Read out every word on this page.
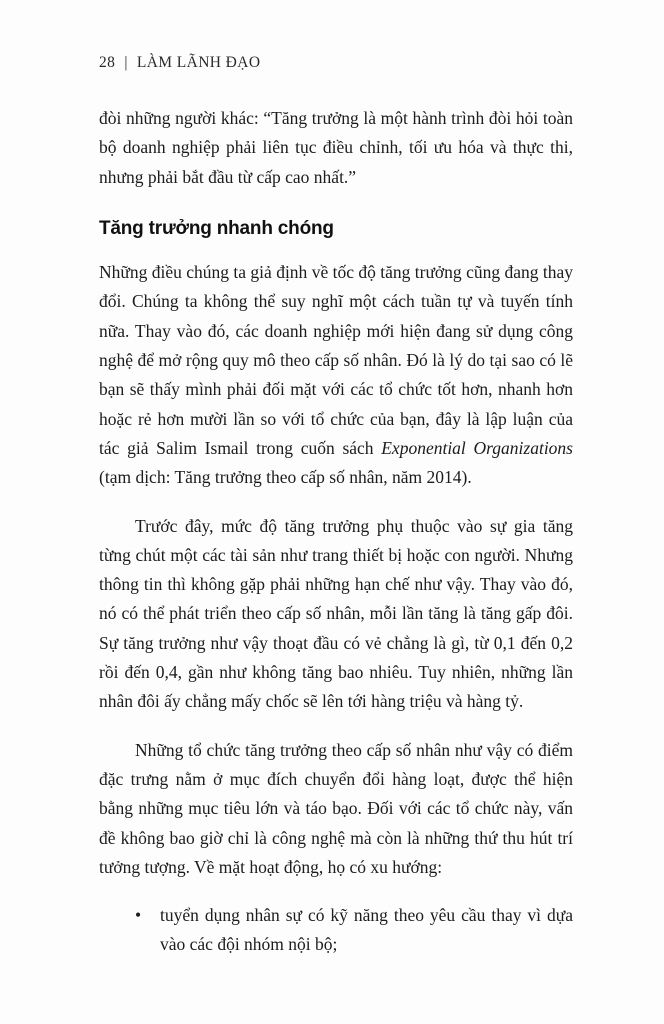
28 | LÀM LÃNH ĐẠO

đòi những người khác: “Tăng trưởng là một hành trình đòi hỏi toàn bộ doanh nghiệp phải liên tục điều chỉnh, tối ưu hóa và thực thi, nhưng phải bắt đầu từ cấp cao nhất.”

Tăng trưởng nhanh chóng

Những điều chúng ta giả định về tốc độ tăng trưởng cũng đang thay đổi. Chúng ta không thể suy nghĩ một cách tuần tự và tuyến tính nữa. Thay vào đó, các doanh nghiệp mới hiện đang sử dụng công nghệ để mở rộng quy mô theo cấp số nhân. Đó là lý do tại sao có lẽ bạn sẽ thấy mình phải đối mặt với các tổ chức tốt hơn, nhanh hơn hoặc rẻ hơn mười lần so với tổ chức của bạn, đây là lập luận của tác giả Salim Ismail trong cuốn sách Exponential Organizations (tạm dịch: Tăng trưởng theo cấp số nhân, năm 2014).

Trước đây, mức độ tăng trưởng phụ thuộc vào sự gia tăng từng chút một các tài sản như trang thiết bị hoặc con người. Nhưng thông tin thì không gặp phải những hạn chế như vậy. Thay vào đó, nó có thể phát triển theo cấp số nhân, mỗi lần tăng là tăng gấp đôi. Sự tăng trưởng như vậy thoạt đầu có vẻ chẳng là gì, từ 0,1 đến 0,2 rồi đến 0,4, gần như không tăng bao nhiêu. Tuy nhiên, những lần nhân đôi ấy chẳng mấy chốc sẽ lên tới hàng triệu và hàng tỷ.

Những tổ chức tăng trưởng theo cấp số nhân như vậy có điểm đặc trưng nằm ở mục đích chuyển đổi hàng loạt, được thể hiện bằng những mục tiêu lớn và táo bạo. Đối với các tổ chức này, vấn đề không bao giờ chỉ là công nghệ mà còn là những thứ thu hút trí tưởng tượng. Về mặt hoạt động, họ có xu hướng:

• tuyển dụng nhân sự có kỹ năng theo yêu cầu thay vì dựa vào các đội nhóm nội bộ;
